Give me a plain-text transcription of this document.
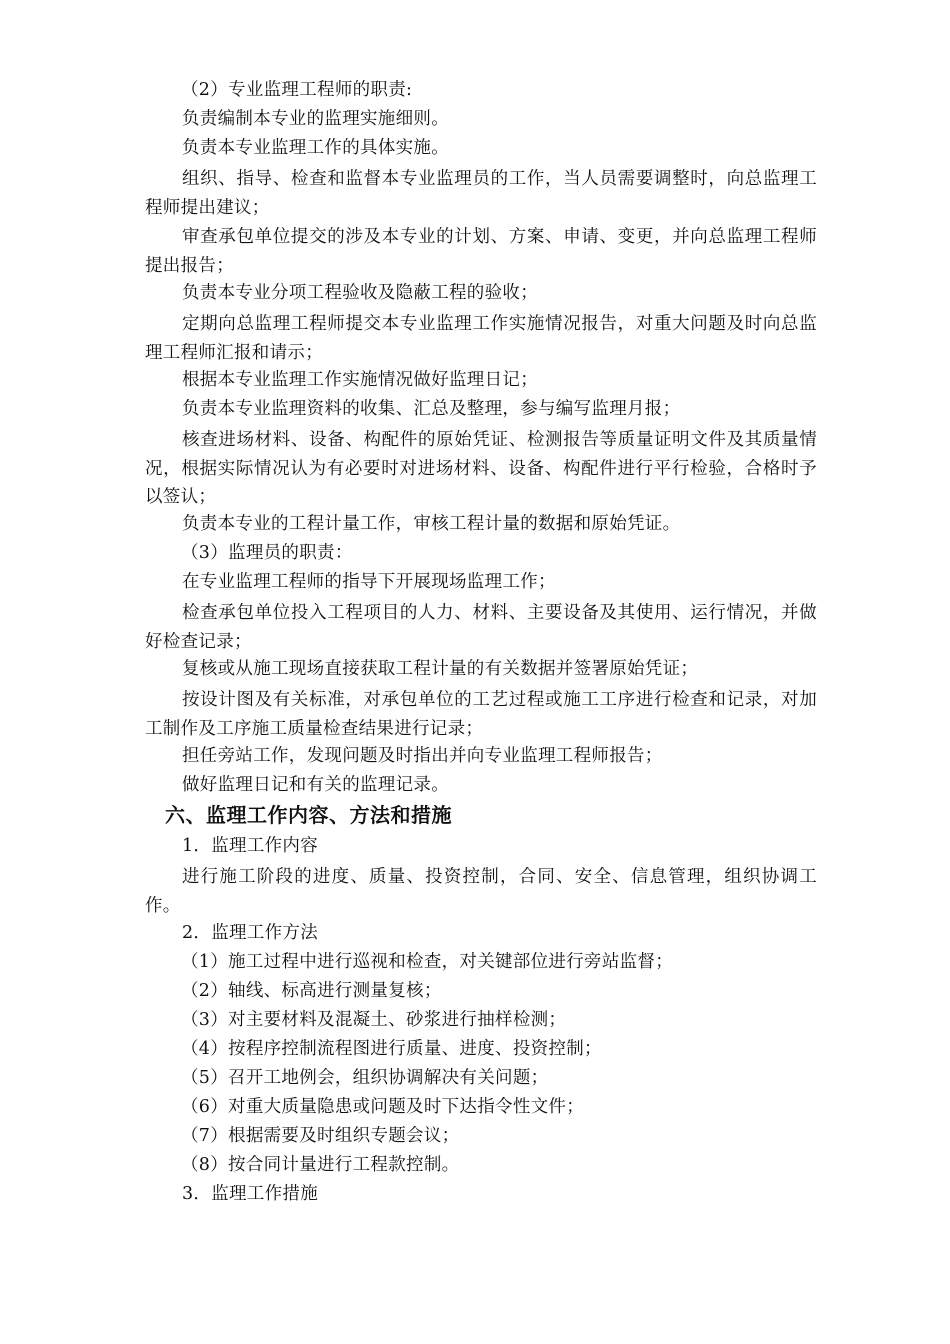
（2）专业监理工程师的职责:
负责编制本专业的监理实施细则。
负责本专业监理工作的具体实施。
组织、指导、检查和监督本专业监理员的工作，当人员需要调整时，向总监理工程师提出建议；
审查承包单位提交的涉及本专业的计划、方案、申请、变更，并向总监理工程师提出报告；
负责本专业分项工程验收及隐蔽工程的验收；
定期向总监理工程师提交本专业监理工作实施情况报告，对重大问题及时向总监理工程师汇报和请示；
根据本专业监理工作实施情况做好监理日记；
负责本专业监理资料的收集、汇总及整理，参与编写监理月报；
核查进场材料、设备、构配件的原始凭证、检测报告等质量证明文件及其质量情况，根据实际情况认为有必要时对进场材料、设备、构配件进行平行检验，合格时予以签认；
负责本专业的工程计量工作，审核工程计量的数据和原始凭证。
（3）监理员的职责：
在专业监理工程师的指导下开展现场监理工作；
检查承包单位投入工程项目的人力、材料、主要设备及其使用、运行情况，并做好检查记录；
复核或从施工现场直接获取工程计量的有关数据并签署原始凭证；
按设计图及有关标准，对承包单位的工艺过程或施工工序进行检查和记录，对加工制作及工序施工质量检查结果进行记录；
担任旁站工作，发现问题及时指出并向专业监理工程师报告；
做好监理日记和有关的监理记录。
六、监理工作内容、方法和措施
1．监理工作内容
进行施工阶段的进度、质量、投资控制，合同、安全、信息管理，组织协调工作。
2．监理工作方法
（1）施工过程中进行巡视和检查，对关键部位进行旁站监督；
（2）轴线、标高进行测量复核；
（3）对主要材料及混凝土、砂浆进行抽样检测；
（4）按程序控制流程图进行质量、进度、投资控制；
（5）召开工地例会，组织协调解决有关问题；
（6）对重大质量隐患或问题及时下达指令性文件；
（7）根据需要及时组织专题会议；
（8）按合同计量进行工程款控制。
3．监理工作措施
